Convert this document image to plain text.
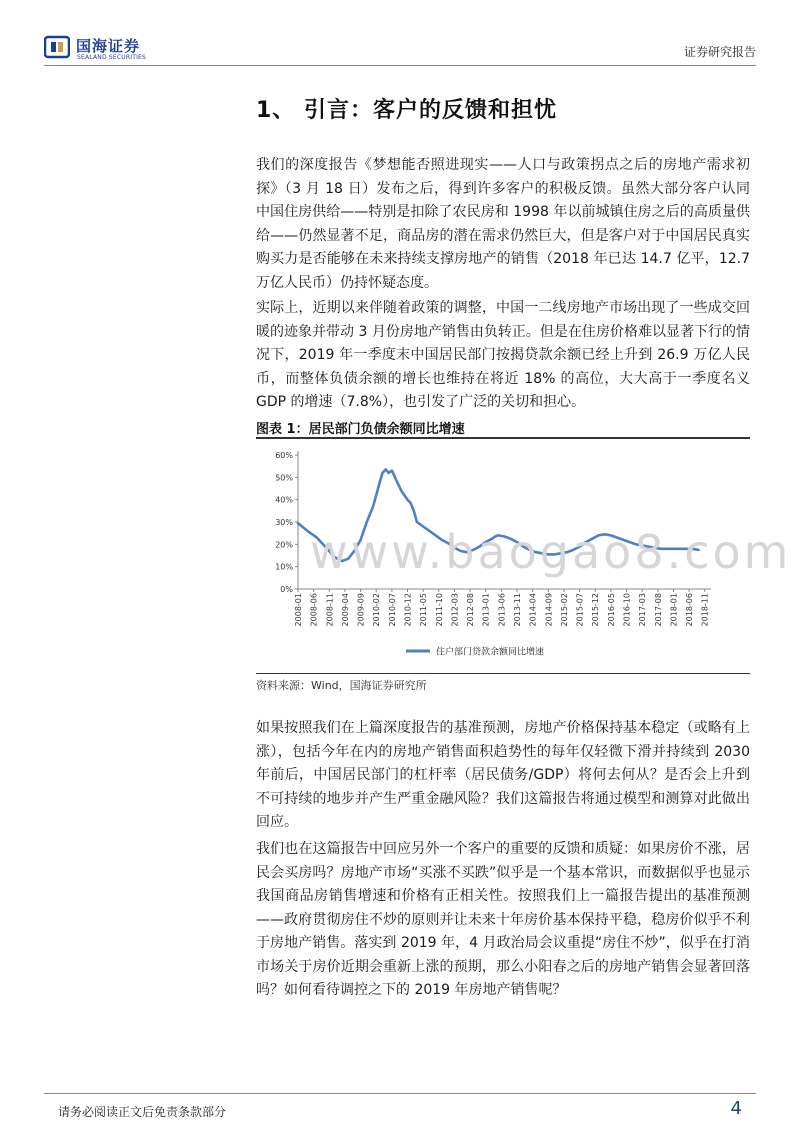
国海证券
SEALAND SECURITIES	证券研究报告
1、 引言：客户的反馈和担忧
我们的深度报告《梦想能否照进现实——人口与政策拐点之后的房地产需求初探》（3 月 18 日）发布之后，得到许多客户的积极反馈。虽然大部分客户认同中国住房供给——特别是扣除了农民房和 1998 年以前城镇住房之后的高质量供给——仍然显著不足，商品房的潜在需求仍然巨大，但是客户对于中国居民真实购买力是否能够在未来持续支撑房地产的销售（2018 年已达 14.7 亿平，12.7 万亿人民币）仍持怀疑态度。
实际上，近期以来伴随着政策的调整，中国一二线房地产市场出现了一些成交回暖的迹象并带动 3 月份房地产销售由负转正。但是在住房价格难以显著下行的情况下，2019 年一季度末中国居民部门按揭贷款余额已经上升到 26.9 万亿人民币，而整体负债余额的增长也维持在将近 18% 的高位，大大高于一季度名义 GDP 的增速（7.8%），也引发了广泛的关切和担心。
图表 1：居民部门负债余额同比增速
0%
10%
20%
30%
40%
50%
60%
2008-01 2008-06 2008-11 2009-04 2009-09 2010-02 2010-07 2010-12 2011-05 2011-10 2012-03 2012-08 2013-01 2013-06 2013-11 2014-04 2014-09 2015-02 2015-07 2015-12 2016-05 2016-10 2017-03 2017-08 2018-01 2018-06 2018-11
住户部门贷款余额同比增速
www.baogao8.com
资料来源：Wind，国海证券研究所
如果按照我们在上篇深度报告的基准预测，房地产价格保持基本稳定（或略有上涨），包括今年在内的房地产销售面积趋势性的每年仅轻微下滑并持续到 2030 年前后，中国居民部门的杠杆率（居民债务/GDP）将何去何从？是否会上升到不可持续的地步并产生严重金融风险？我们这篇报告将通过模型和测算对此做出回应。
我们也在这篇报告中回应另外一个客户的重要的反馈和质疑：如果房价不涨，居民会买房吗？房地产市场“买涨不买跌”似乎是一个基本常识，而数据似乎也显示我国商品房销售增速和价格有正相关性。按照我们上一篇报告提出的基准预测——政府贯彻房住不炒的原则并让未来十年房价基本保持平稳，稳房价似乎不利于房地产销售。落实到 2019 年，4 月政治局会议重提“房住不炒”，似乎在打消市场关于房价近期会重新上涨的预期，那么小阳春之后的房地产销售会显著回落吗？如何看待调控之下的 2019 年房地产销售呢？
请务必阅读正文后免责条款部分	4
